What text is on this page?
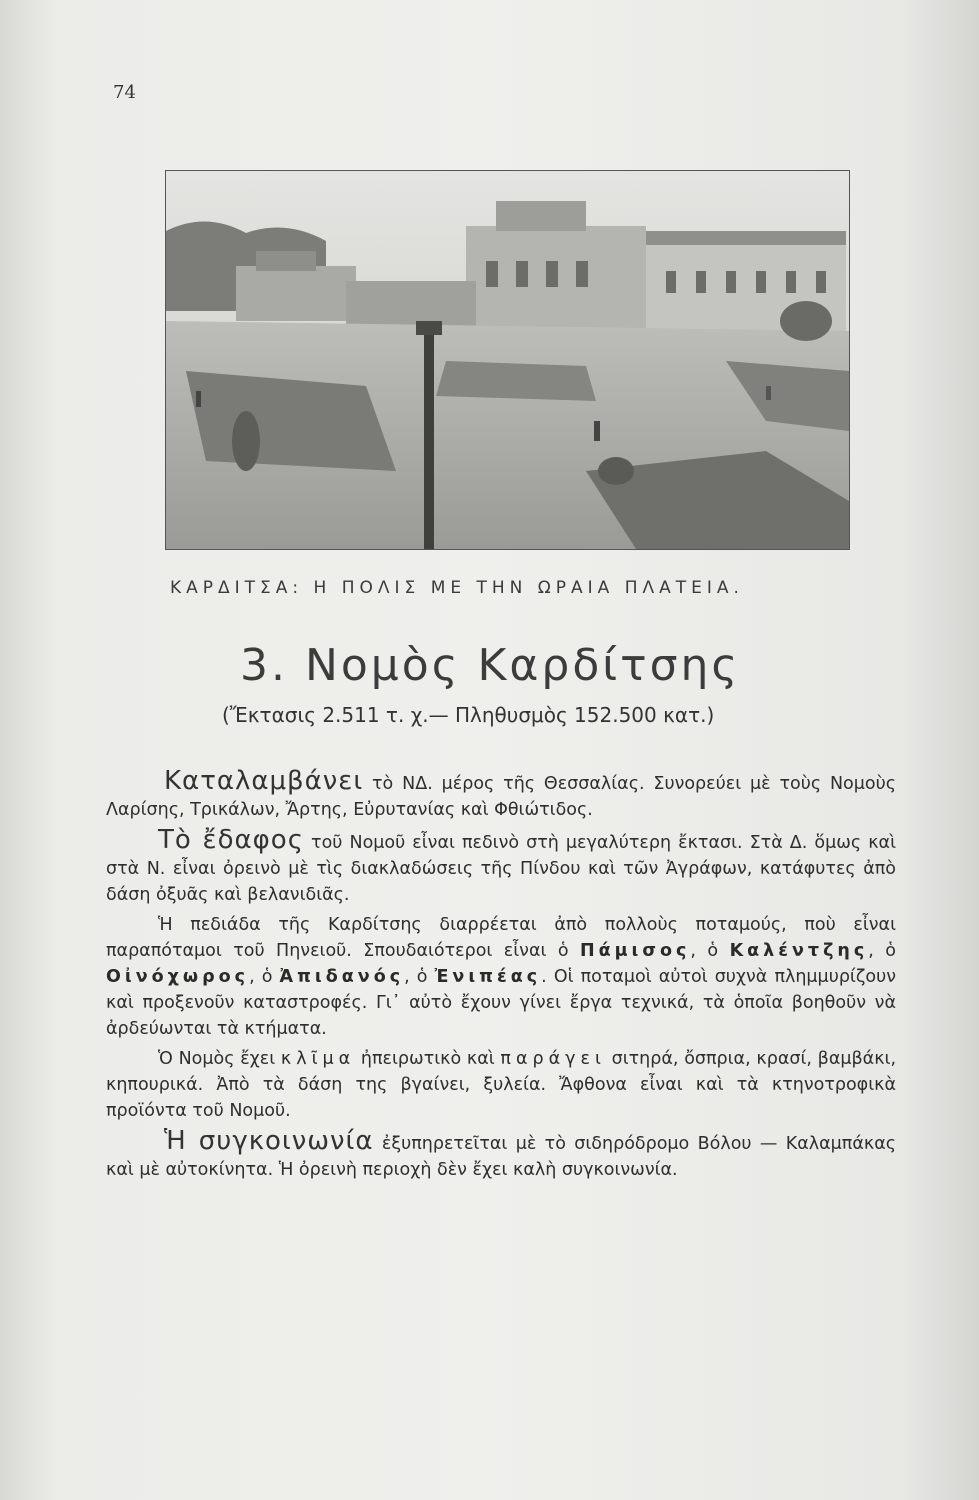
74
ΚΑΡΔΙΤΣΑ: Η ΠΟΛΙΣ ΜΕ ΤΗΝ ΩΡΑΙΑ ΠΛΑΤΕΙΑ.
3. Νομὸς Καρδίτσης
(Ἔκτασις 2.511 τ. χ.— Πληθυσμὸς 152.500 κατ.)

Καταλαμβάνει τὸ ΝΔ. μέρος τῆς Θεσσαλίας. Συνορεύει μὲ τοὺς Νομοὺς Λαρίσης, Τρικάλων, Ἄρτης, Εὐρυτανίας καὶ Φθιώτιδος.

Τὸ ἔδαφος τοῦ Νομοῦ εἶναι πεδινὸ στὴ μεγαλύτερη ἔκτασι. Στὰ Δ. ὅμως καὶ στὰ Ν. εἶναι ὀρεινὸ μὲ τὶς διακλαδώσεις τῆς Πίνδου καὶ τῶν Ἀγράφων, κατάφυτες ἀπὸ δάση ὀξυᾶς καὶ βελανιδιᾶς.

Ἡ πεδιάδα τῆς Καρδίτσης διαρρέεται ἀπὸ πολλοὺς ποταμούς, ποὺ εἶναι παραπόταμοι τοῦ Πηνειοῦ. Σπουδαιότεροι εἶναι ὁ Πάμισος, ὁ Καλέντζης, ὁ Οἰνόχωρος, ὁ Ἀπιδανός, ὁ Ἐνιπέας. Οἱ ποταμοὶ αὐτοὶ συχνὰ πλημμυρίζουν καὶ προξενοῦν καταστροφές. Γι᾽ αὐτὸ ἔχουν γίνει ἔργα τεχνικά, τὰ ὁποῖα βοηθοῦν νὰ ἀρδεύωνται τὰ κτήματα.

Ὁ Νομὸς ἔχει κλῖμα ἠπειρωτικὸ καὶ παράγει σιτηρά, ὄσπρια, κρασί, βαμβάκι, κηπουρικά. Ἀπὸ τὰ δάση της βγαίνει, ξυλεία. Ἄφθονα εἶναι καὶ τὰ κτηνοτροφικὰ προϊόντα τοῦ Νομοῦ.

Ἡ συγκοινωνία ἐξυπηρετεῖται μὲ τὸ σιδηρόδρομο Βόλου — Καλαμπάκας καὶ μὲ αὐτοκίνητα. Ἡ ὀρεινὴ περιοχὴ δὲν ἔχει καλὴ συγκοινωνία.
